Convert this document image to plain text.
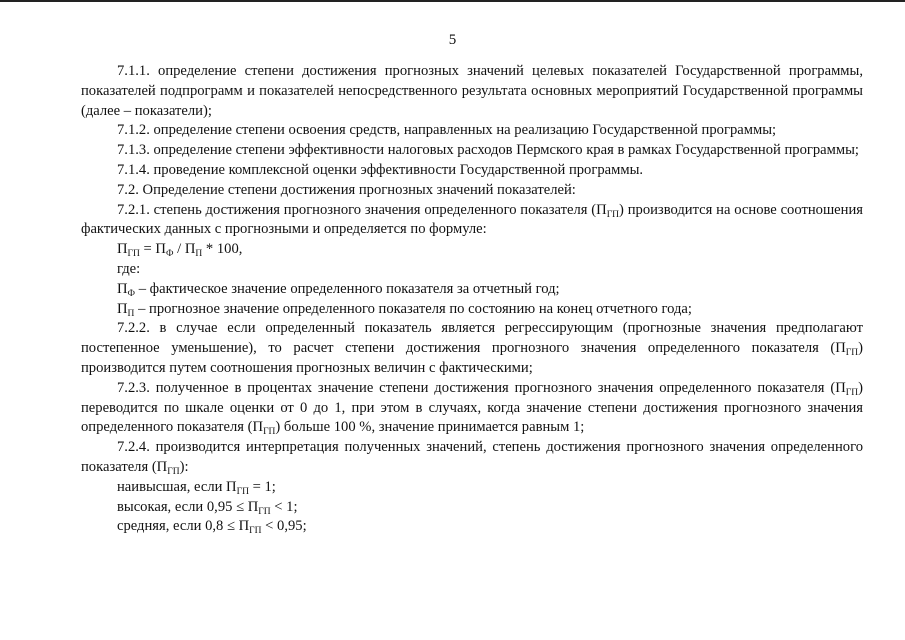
5

7.1.1. определение степени достижения прогнозных значений целевых показателей Государственной программы, показателей подпрограмм и показателей непосредственного результата основных мероприятий Государственной программы (далее – показатели);

7.1.2. определение степени освоения средств, направленных на реализацию Государственной программы;

7.1.3. определение степени эффективности налоговых расходов Пермского края в рамках Государственной программы;

7.1.4. проведение комплексной оценки эффективности Государственной программы.

7.2. Определение степени достижения прогнозных значений показателей:

7.2.1. степень достижения прогнозного значения определенного показателя $(П_{ГП})$ производится на основе соотношения фактических данных с прогнозными и определяется по формуле:

$П_{ГП} = П_Ф / П_П * 100$,

где:

$П_Ф$ – фактическое значение определенного показателя за отчетный год;

$П_П$ – прогнозное значение определенного показателя по состоянию на конец отчетного года;

7.2.2. в случае если определенный показатель является регрессирующим (прогнозные значения предполагают постепенное уменьшение), то расчет степени достижения прогнозного значения определенного показателя $(П_{ГП})$ производится путем соотношения прогнозных величин с фактическими;

7.2.3. полученное в процентах значение степени достижения прогнозного значения определенного показателя $(П_{ГП})$ переводится по шкале оценки от 0 до 1, при этом в случаях, когда значение степени достижения прогнозного значения определенного показателя $(П_{ГП})$ больше 100 %, значение принимается равным 1;

7.2.4. производится интерпретация полученных значений, степень достижения прогнозного значения определенного показателя $(П_{ГП})$:

наивысшая, если $П_{ГП} = 1$;

высокая, если $0,95 \le П_{ГП} < 1$;

средняя, если $0,8 \le П_{ГП} < 0,95$;
